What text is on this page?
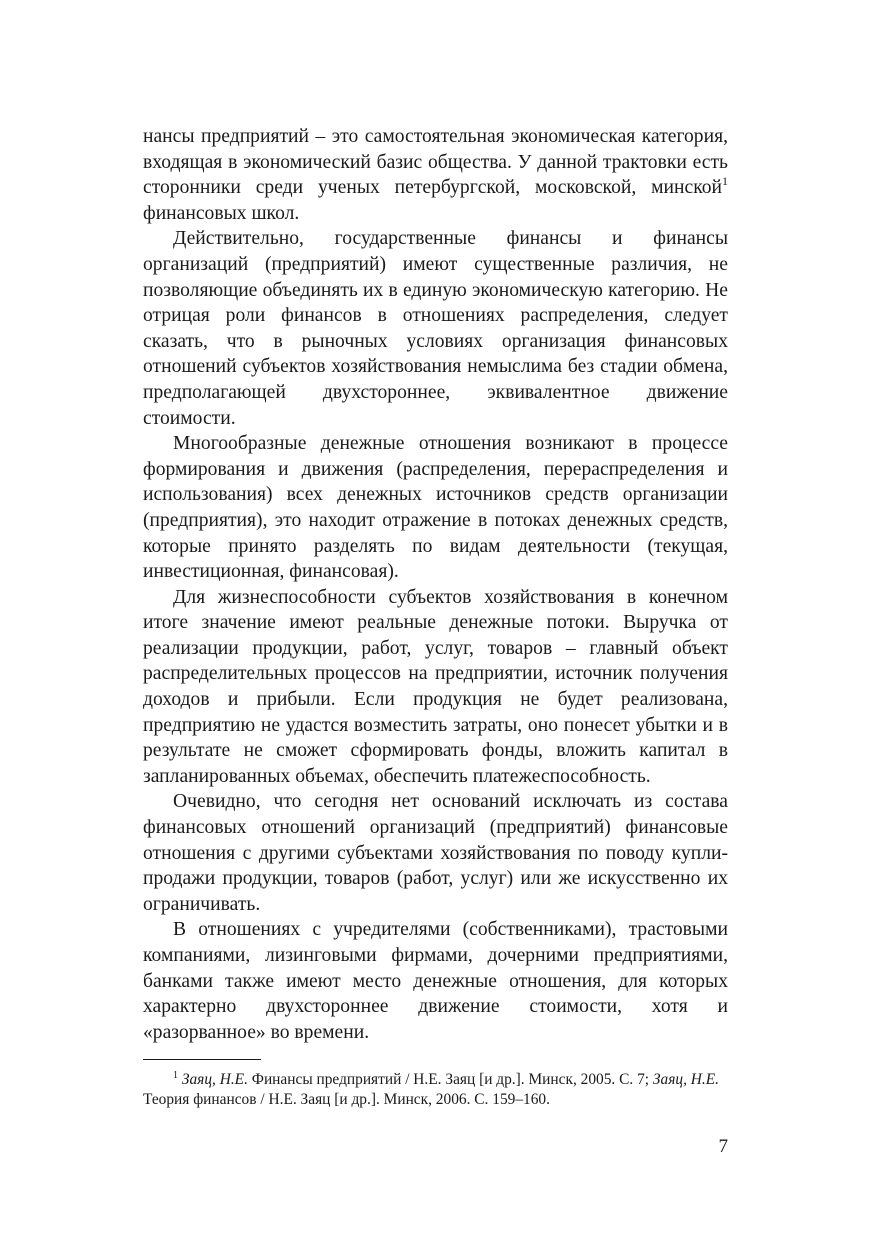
нансы предприятий – это самостоятельная экономическая категория, входящая в экономический базис общества. У данной трактовки есть сторонники среди ученых петербургской, московской, минской$^1$ финансовых школ.

Действительно, государственные финансы и финансы организаций (предприятий) имеют существенные различия, не позволяющие объединять их в единую экономическую категорию. Не отрицая роли финансов в отношениях распределения, следует сказать, что в рыночных условиях организация финансовых отношений субъектов хозяйствования немыслима без стадии обмена, предполагающей двухстороннее, эквивалентное движение стоимости.

Многообразные денежные отношения возникают в процессе формирования и движения (распределения, перераспределения и использования) всех денежных источников средств организации (предприятия), это находит отражение в потоках денежных средств, которые принято разделять по видам деятельности (текущая, инвестиционная, финансовая).

Для жизнеспособности субъектов хозяйствования в конечном итоге значение имеют реальные денежные потоки. Выручка от реализации продукции, работ, услуг, товаров – главный объект распределительных процессов на предприятии, источник получения доходов и прибыли. Если продукция не будет реализована, предприятию не удастся возместить затраты, оно понесет убытки и в результате не сможет сформировать фонды, вложить капитал в запланированных объемах, обеспечить платежеспособность.

Очевидно, что сегодня нет оснований исключать из состава финансовых отношений организаций (предприятий) финансовые отношения с другими субъектами хозяйствования по поводу купли-продажи продукции, товаров (работ, услуг) или же искусственно их ограничивать.

В отношениях с учредителями (собственниками), трастовыми компаниями, лизинговыми фирмами, дочерними предприятиями, банками также имеют место денежные отношения, для которых характерно двухстороннее движение стоимости, хотя и «разорванное» во времени.

$^1$ Заяц, Н.Е. Финансы предприятий / Н.Е. Заяц [и др.]. Минск, 2005. С. 7; Заяц, Н.Е. Теория финансов / Н.Е. Заяц [и др.]. Минск, 2006. С. 159–160.

7
